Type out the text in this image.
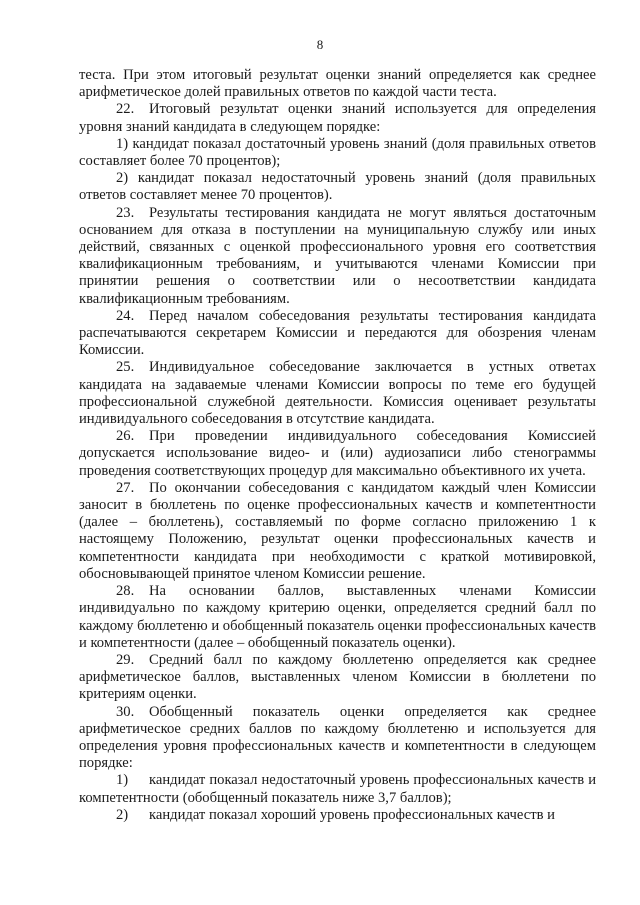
8

теста. При этом итоговый результат оценки знаний определяется как среднее арифметическое долей правильных ответов по каждой части теста.

22. Итоговый результат оценки знаний используется для определения уровня знаний кандидата в следующем порядке:

1) кандидат показал достаточный уровень знаний (доля правильных ответов составляет более 70 процентов);

2) кандидат показал недостаточный уровень знаний (доля правильных ответов составляет менее 70 процентов).

23. Результаты тестирования кандидата не могут являться достаточным основанием для отказа в поступлении на муниципальную службу или иных действий, связанных с оценкой профессионального уровня его соответствия квалификационным требованиям, и учитываются членами Комиссии при принятии решения о соответствии или о несоответствии кандидата квалификационным требованиям.

24. Перед началом собеседования результаты тестирования кандидата распечатываются секретарем Комиссии и передаются для обозрения членам Комиссии.

25. Индивидуальное собеседование заключается в устных ответах кандидата на задаваемые членами Комиссии вопросы по теме его будущей профессиональной служебной деятельности. Комиссия оценивает результаты индивидуального собеседования в отсутствие кандидата.

26. При проведении индивидуального собеседования Комиссией допускается использование видео- и (или) аудиозаписи либо стенограммы проведения соответствующих процедур для максимально объективного их учета.

27. По окончании собеседования с кандидатом каждый член Комиссии заносит в бюллетень по оценке профессиональных качеств и компетентности (далее – бюллетень), составляемый по форме согласно приложению 1 к настоящему Положению, результат оценки профессиональных качеств и компетентности кандидата при необходимости с краткой мотивировкой, обосновывающей принятое членом Комиссии решение.

28. На основании баллов, выставленных членами Комиссии индивидуально по каждому критерию оценки, определяется средний балл по каждому бюллетеню и обобщенный показатель оценки профессиональных качеств и компетентности (далее – обобщенный показатель оценки).

29. Средний балл по каждому бюллетеню определяется как среднее арифметическое баллов, выставленных членом Комиссии в бюллетени по критериям оценки.

30. Обобщенный показатель оценки определяется как среднее арифметическое средних баллов по каждому бюллетеню и используется для определения уровня профессиональных качеств и компетентности в следующем порядке:

1) кандидат показал недостаточный уровень профессиональных качеств и компетентности (обобщенный показатель ниже 3,7 баллов);

2) кандидат показал хороший уровень профессиональных качеств и
